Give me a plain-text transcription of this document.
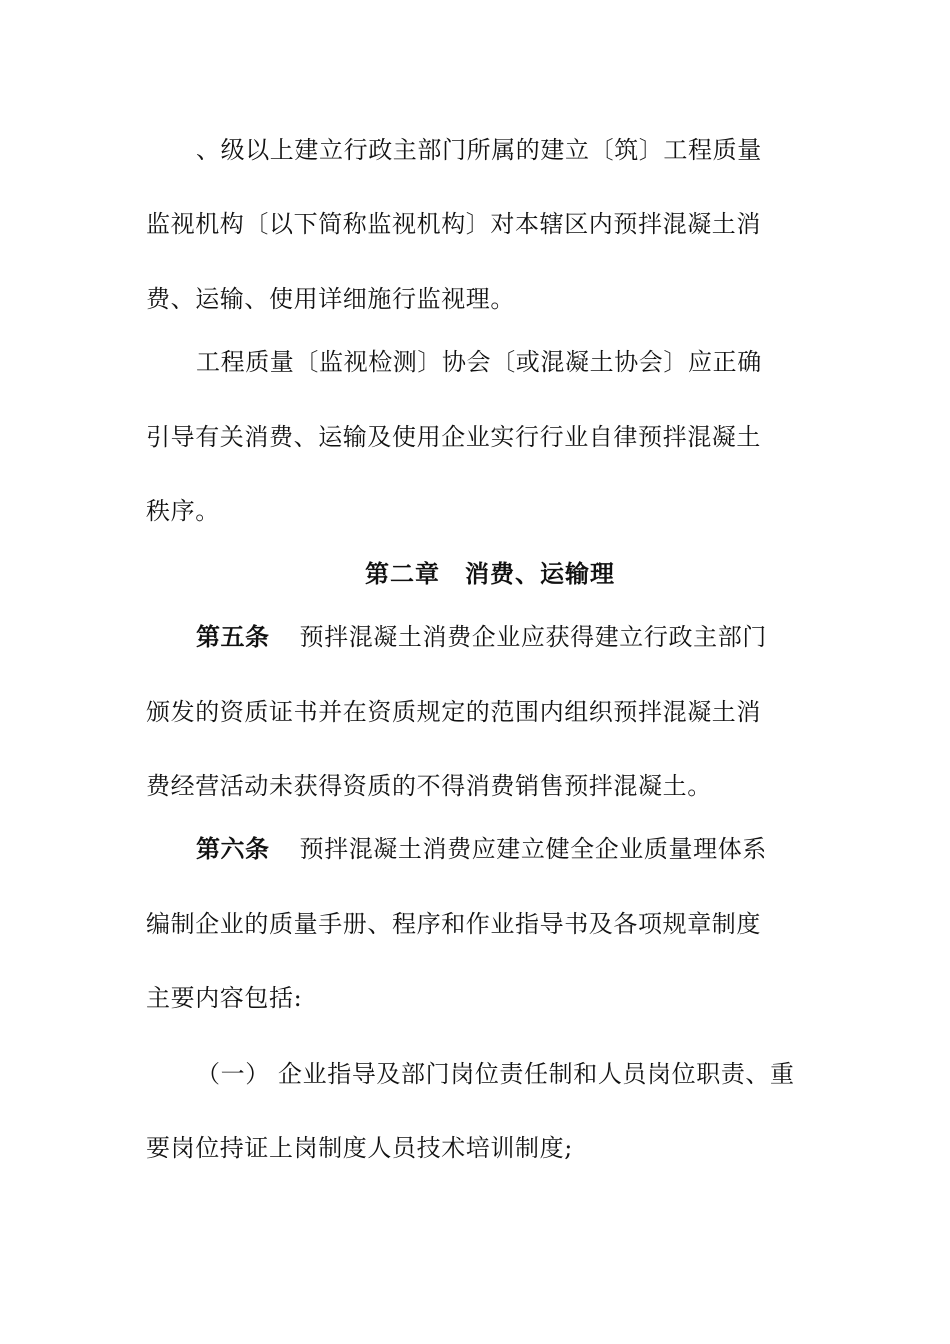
、级以上建立行政主部门所属的建立〔筑〕工程质量
监视机构〔以下简称监视机构〕对本辖区内预拌混凝土消
费、运输、使用详细施行监视理。
工程质量〔监视检测〕协会〔或混凝土协会〕应正确
引导有关消费、运输及使用企业实行行业自律预拌混凝土
秩序。
第二章　消费、运输理
第五条 预拌混凝土消费企业应获得建立行政主部门
颁发的资质证书并在资质规定的范围内组织预拌混凝土消
费经营活动未获得资质的不得消费销售预拌混凝土。
第六条 预拌混凝土消费应建立健全企业质量理体系
编制企业的质量手册、程序和作业指导书及各项规章制度
主要内容包括:
（一） 企业指导及部门岗位责任制和人员岗位职责、重
要岗位持证上岗制度人员技术培训制度;
